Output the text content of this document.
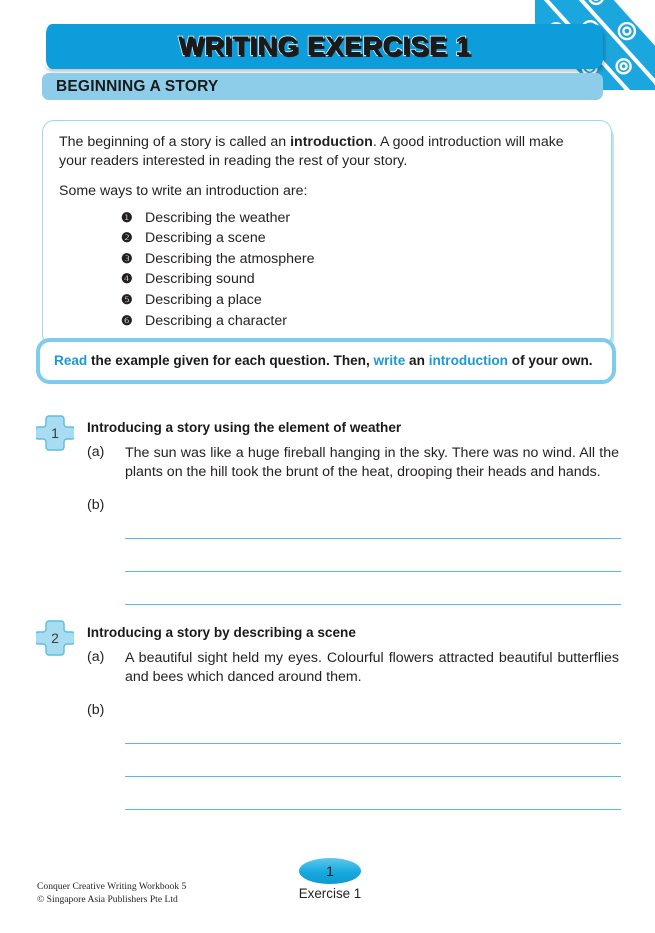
WRITING EXERCISE 1
BEGINNING A STORY

The beginning of a story is called an introduction. A good introduction will make your readers interested in reading the rest of your story.

Some ways to write an introduction are:

❶ Describing the weather
❷ Describing a scene
❸ Describing the atmosphere
❹ Describing sound
❺ Describing a place
❻ Describing a character
Read the example given for each question. Then, write an introduction of your own.
1	Introducing a story using the element of weather
(a)	The sun was like a huge fireball hanging in the sky. There was no wind. All the plants on the hill took the brunt of the heat, drooping their heads and hands.
(b)
2	Introducing a story by describing a scene
(a)	A beautiful sight held my eyes. Colourful flowers attracted beautiful butterflies and bees which danced around them.
(b)
Conquer Creative Writing Workbook 5
© Singapore Asia Publishers Pte Ltd
1
Exercise 1
